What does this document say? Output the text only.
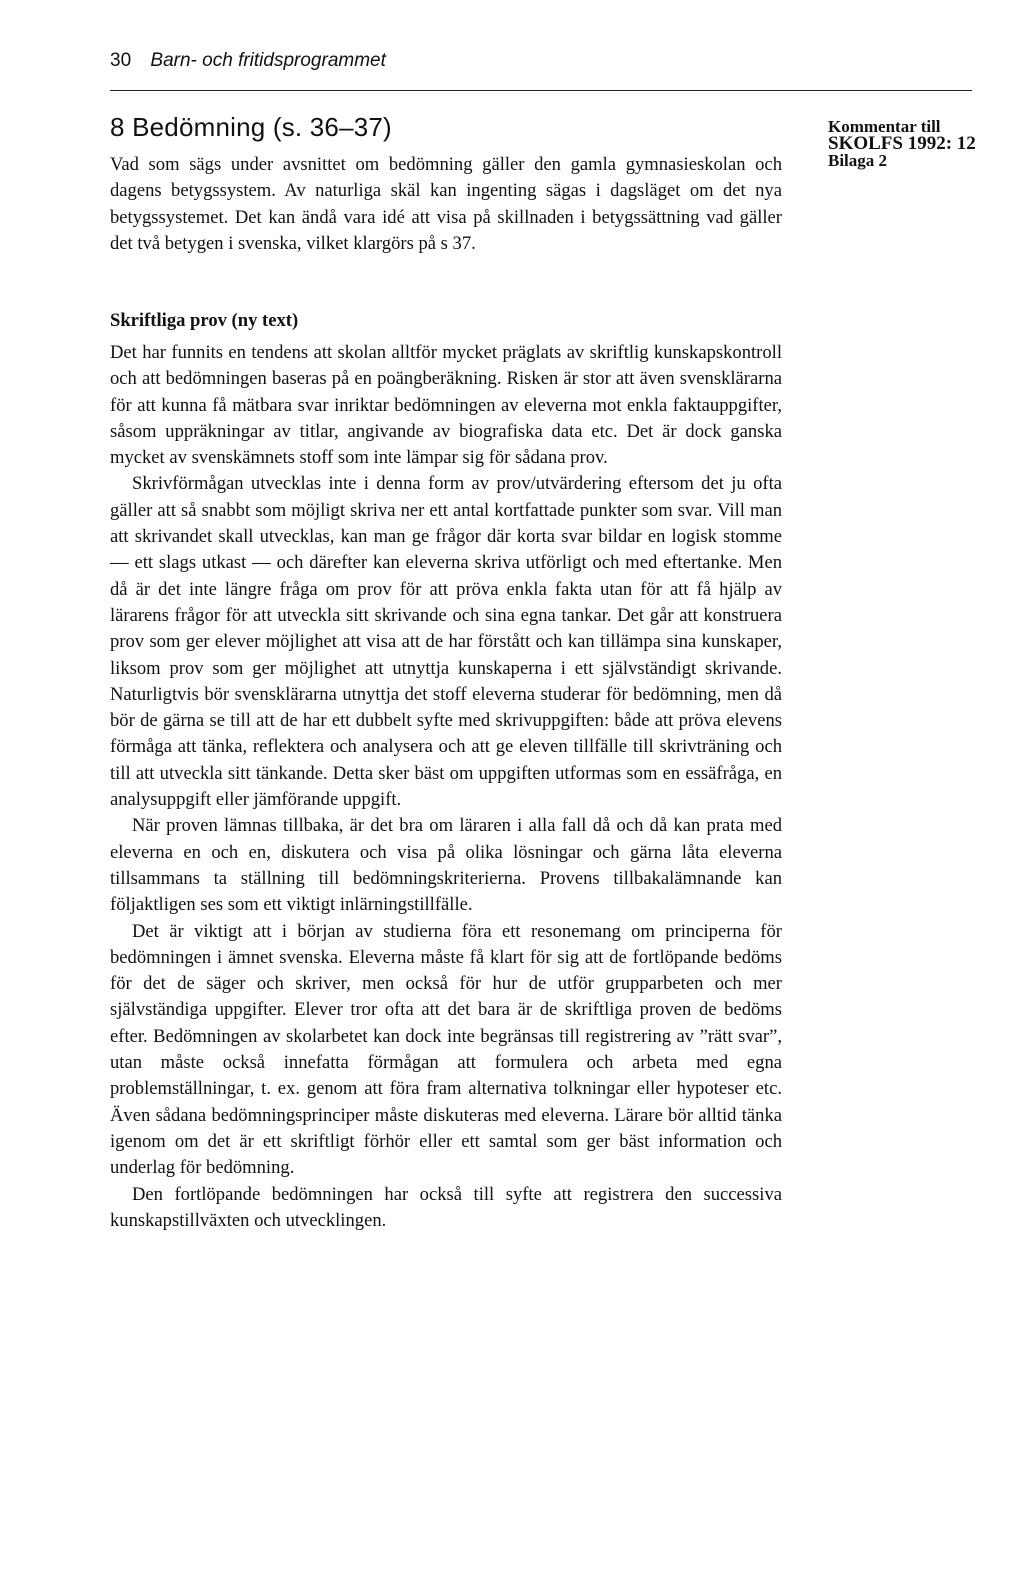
30 Barn- och fritidsprogrammet
8 Bedömning (s. 36–37)	Kommentar till
SKOLFS 1992: 12
Bilaga 2

Vad som sägs under avsnittet om bedömning gäller den gamla gymnasieskolan och dagens betygssystem. Av naturliga skäl kan ingenting sägas i dagsläget om det nya betygssystemet. Det kan ändå vara idé att visa på skillnaden i betygssättning vad gäller det två betygen i svenska, vilket klargörs på s 37.

Skriftliga prov (ny text)

Det har funnits en tendens att skolan alltför mycket präglats av skriftlig kunskapskontroll och att bedömningen baseras på en poängberäkning. Risken är stor att även svensklärarna för att kunna få mätbara svar inriktar bedömningen av eleverna mot enkla faktauppgifter, såsom uppräkningar av titlar, angivande av biografiska data etc. Det är dock ganska mycket av svenskämnets stoff som inte lämpar sig för sådana prov.

Skrivförmågan utvecklas inte i denna form av prov/utvärdering eftersom det ju ofta gäller att så snabbt som möjligt skriva ner ett antal kortfattade punkter som svar. Vill man att skrivandet skall utvecklas, kan man ge frågor där korta svar bildar en logisk stomme — ett slags utkast — och därefter kan eleverna skriva utförligt och med eftertanke. Men då är det inte längre fråga om prov för att pröva enkla fakta utan för att få hjälp av lärarens frågor för att utveckla sitt skrivande och sina egna tankar. Det går att konstruera prov som ger elever möjlighet att visa att de har förstått och kan tillämpa sina kunskaper, liksom prov som ger möjlighet att utnyttja kunskaperna i ett självständigt skrivande. Naturligtvis bör svensklärarna utnyttja det stoff eleverna studerar för bedömning, men då bör de gärna se till att de har ett dubbelt syfte med skrivuppgiften: både att pröva elevens förmåga att tänka, reflektera och analysera och att ge eleven tillfälle till skrivträning och till att utveckla sitt tänkande. Detta sker bäst om uppgiften utformas som en essäfråga, en analysuppgift eller jämförande uppgift.

När proven lämnas tillbaka, är det bra om läraren i alla fall då och då kan prata med eleverna en och en, diskutera och visa på olika lösningar och gärna låta eleverna tillsammans ta ställning till bedömningskriterierna. Provens tillbakalämnande kan följaktligen ses som ett viktigt inlärningstillfälle.

Det är viktigt att i början av studierna föra ett resonemang om principerna för bedömningen i ämnet svenska. Eleverna måste få klart för sig att de fortlöpande bedöms för det de säger och skriver, men också för hur de utför grupparbeten och mer självständiga uppgifter. Elever tror ofta att det bara är de skriftliga proven de bedöms efter. Bedömningen av skolarbetet kan dock inte begränsas till registrering av ”rätt svar”, utan måste också innefatta förmågan att formulera och arbeta med egna problemställningar, t. ex. genom att föra fram alternativa tolkningar eller hypoteser etc. Även sådana bedömningsprinciper måste diskuteras med eleverna. Lärare bör alltid tänka igenom om det är ett skriftligt förhör eller ett samtal som ger bäst information och underlag för bedömning.

Den fortlöpande bedömningen har också till syfte att registrera den successiva kunskapstillväxten och utvecklingen.
